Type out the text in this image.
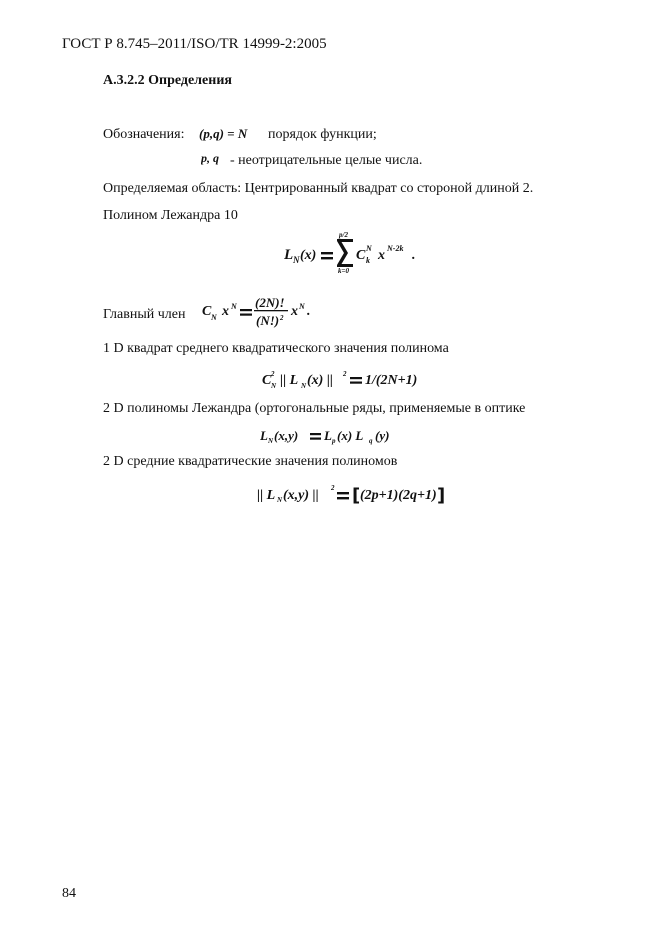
ГОСТ Р 8.745–2011/ISO/TR 14999-2:2005
А.3.2.2 Определения
Обозначения: (p,q) = N порядок функции;
p, q - неотрицательные целые числа.
Определяемая область: Центрированный квадрат со стороной длиной 2.
Полином Лежандра 10
L N (x)
p/2
k=0
C N
k x N-2k .
Главный член C N x N (2N)!
(N!) 2 x N .
1 D квадрат среднего квадратического значения полинома
C 2
N || L N (x) || 2 1/(2N+1)
2 D полиномы Лежандра (ортогональные ряды, применяемые в оптике
L N (x,y) L p (x) L q (y)
2 D средние квадратические значения полиномов
|| L N (x,y) || 2 [ (2p+1)(2q+1) ]
84
